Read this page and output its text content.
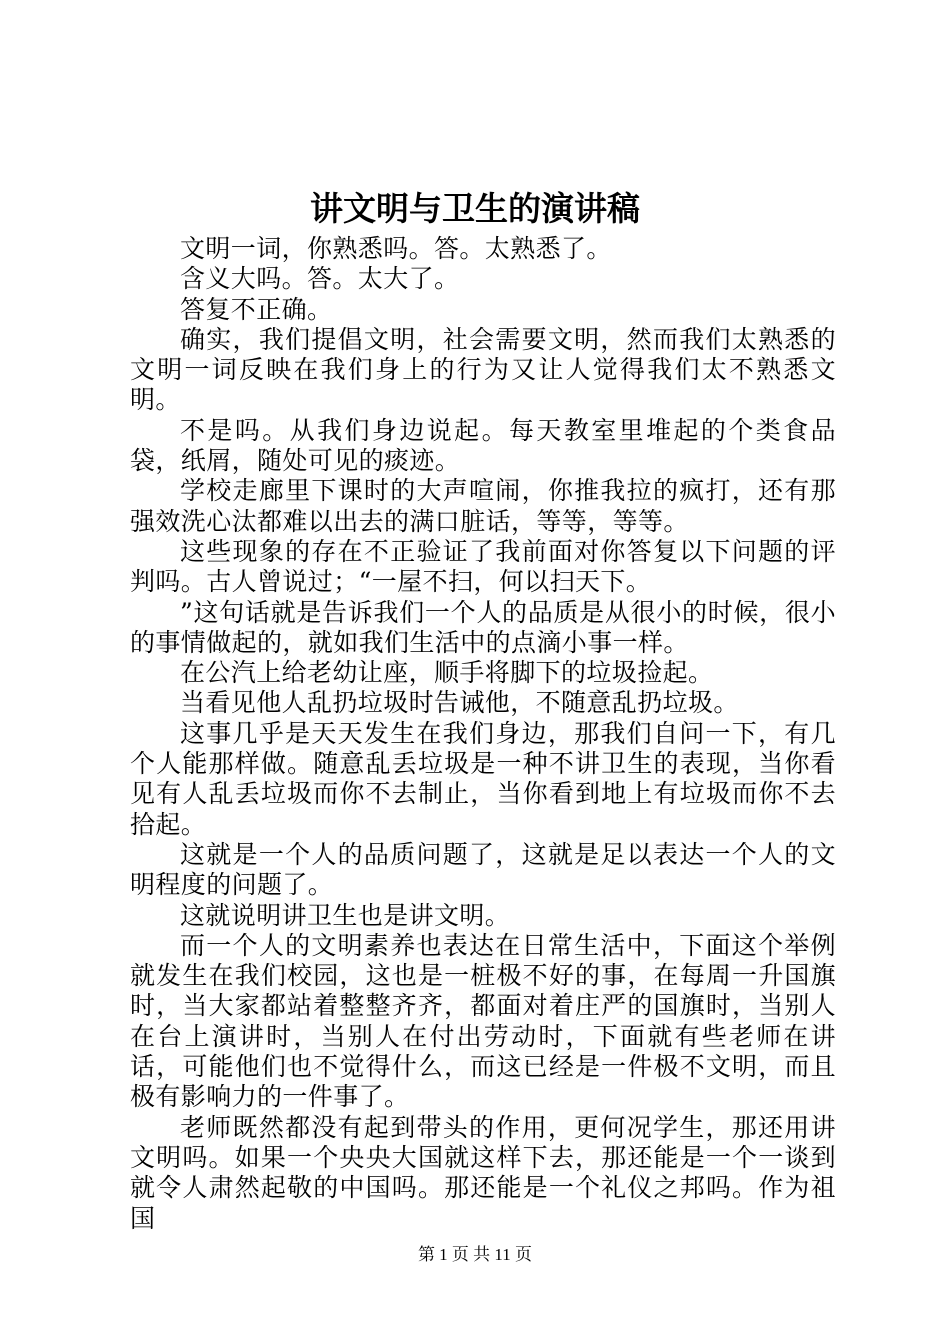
讲文明与卫生的演讲稿

文明一词，你熟悉吗。答。太熟悉了。

含义大吗。答。太大了。

答复不正确。

确实，我们提倡文明，社会需要文明，然而我们太熟悉的文明一词反映在我们身上的行为又让人觉得我们太不熟悉文明。

不是吗。从我们身边说起。每天教室里堆起的个类食品袋，纸屑，随处可见的痰迹。

学校走廊里下课时的大声喧闹，你推我拉的疯打，还有那强效洗心汰都难以出去的满口脏话，等等，等等。

这些现象的存在不正验证了我前面对你答复以下问题的评判吗。古人曾说过；“一屋不扫，何以扫天下。

”这句话就是告诉我们一个人的品质是从很小的时候，很小的事情做起的，就如我们生活中的点滴小事一样。

在公汽上给老幼让座，顺手将脚下的垃圾捡起。

当看见他人乱扔垃圾时告诫他，不随意乱扔垃圾。

这事几乎是天天发生在我们身边，那我们自问一下，有几个人能那样做。随意乱丢垃圾是一种不讲卫生的表现，当你看见有人乱丢垃圾而你不去制止，当你看到地上有垃圾而你不去拾起。

这就是一个人的品质问题了，这就是足以表达一个人的文明程度的问题了。

这就说明讲卫生也是讲文明。

而一个人的文明素养也表达在日常生活中，下面这个举例就发生在我们校园，这也是一桩极不好的事，在每周一升国旗时，当大家都站着整整齐齐，都面对着庄严的国旗时，当别人在台上演讲时，当别人在付出劳动时，下面就有些老师在讲话，可能他们也不觉得什么，而这已经是一件极不文明，而且极有影响力的一件事了。

老师既然都没有起到带头的作用，更何况学生，那还用讲文明吗。如果一个央央大国就这样下去，那还能是一个一谈到就令人肃然起敬的中国吗。那还能是一个礼仪之邦吗。作为祖国

第 1 页 共 11 页
